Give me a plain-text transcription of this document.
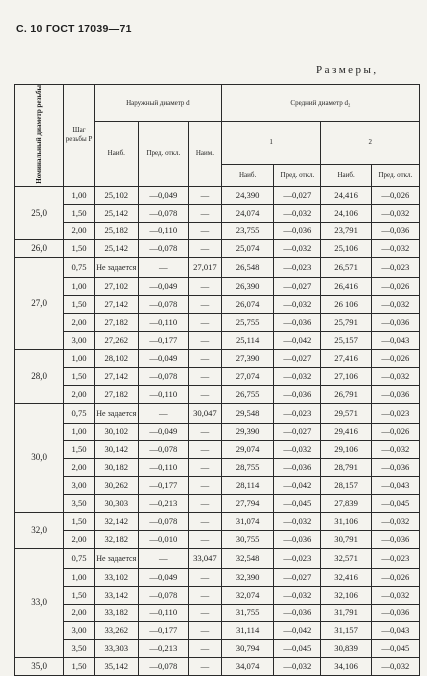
С. 10 ГОСТ 17039—71
Размеры,
Номинальный диаметр резьбы	Шаг резьбы P	Наружный диаметр d			Средний диаметр d₂			
		Наиб.	Пред. откл.	Наим.	1		2	
					Наиб.	Пред. откл.	Наиб.	Пред. откл.
25,0	1,00	25,102	—0,049	—	24,390	—0,027	24,416	—0,026
	1,50	25,142	—0,078	—	24,074	—0,032	24,106	—0,032
	2,00	25,182	—0,110	—	23,755	—0,036	23,791	—0,036
26,0	1,50	25,142	—0,078	—	25,074	—0,032	25,106	—0,032
27,0	0,75	Не задается	—	27,017	26,548	—0,023	26,571	—0,023
	1,00	27,102	—0,049	—	26,390	—0,027	26,416	—0,026
	1,50	27,142	—0,078	—	26,074	—0,032	26 106	—0,032
	2,00	27,182	—0,110	—	25,755	—0,036	25,791	—0,036
	3,00	27,262	—0,177	—	25,114	—0,042	25,157	—0,043
28,0	1,00	28,102	—0,049	—	27,390	—0,027	27,416	—0,026
	1,50	27,142	—0,078	—	27,074	—0,032	27,106	—0,032
	2,00	27,182	—0,110	—	26,755	—0,036	26,791	—0,036
30,0	0,75	Не задается	—	30,047	29,548	—0,023	29,571	—0,023
	1,00	30,102	—0,049	—	29,390	—0,027	29,416	—0,026
	1,50	30,142	—0,078	—	29,074	—0,032	29,106	—0,032
	2,00	30,182	—0,110	—	28,755	—0,036	28,791	—0,036
	3,00	30,262	—0,177	—	28,114	—0,042	28,157	—0,043
	3,50	30,303	—0,213	—	27,794	—0,045	27,839	—0,045
32,0	1,50	32,142	—0,078	—	31,074	—0,032	31,106	—0,032
	2,00	32,182	—0,010	—	30,755	—0,036	30,791	—0,036
33,0	0,75	Не задается	—	33,047	32,548	—0,023	32,571	—0,023
	1,00	33,102	—0,049	—	32,390	—0,027	32,416	—0,026
	1,50	33,142	—0,078	—	32,074	—0,032	32,106	—0,032
	2,00	33,182	—0,110	—	31,755	—0,036	31,791	—0,036
	3,00	33,262	—0,177	—	31,114	—0,042	31,157	—0,043
	3,50	33,303	—0,213	—	30,794	—0,045	30,839	—0,045
35,0	1,50	35,142	—0,078	—	34,074	—0,032	34,106	—0,032
